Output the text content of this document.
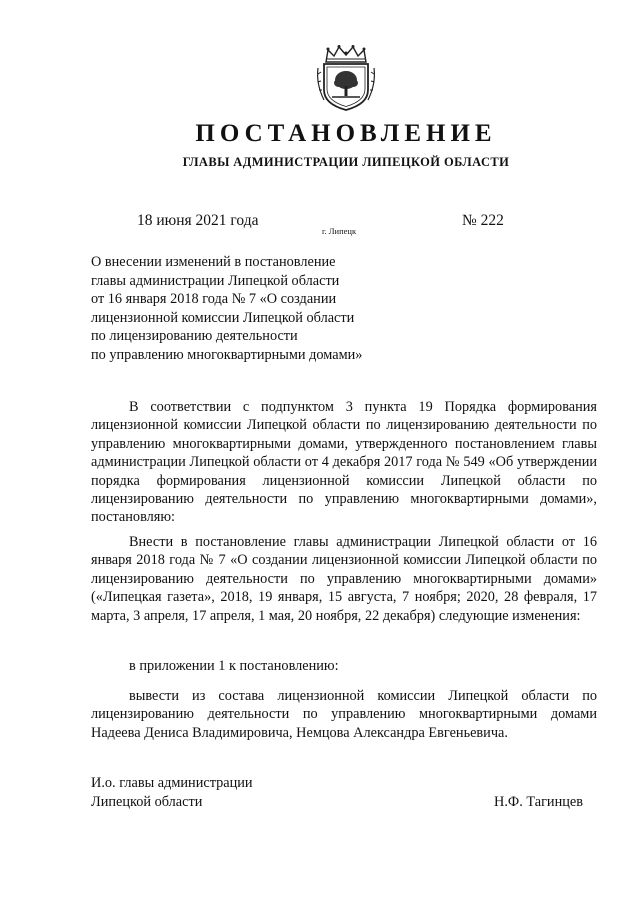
ПОСТАНОВЛЕНИЕ
ГЛАВЫ АДМИНИСТРАЦИИ ЛИПЕЦКОЙ ОБЛАСТИ
18 июня 2021 года
г. Липецк
№ 222
О внесении изменений в постановление
главы администрации Липецкой области
от 16 января 2018 года № 7 «О создании
лицензионной комиссии Липецкой области
по лицензированию деятельности
по управлению многоквартирными домами»
В соответствии с подпунктом 3 пункта 19 Порядка формирования лицензионной комиссии Липецкой области по лицензированию деятельности по управлению многоквартирными домами, утвержденного постановлением главы администрации Липецкой области от 4 декабря 2017 года № 549 «Об утверждении порядка формирования лицензионной комиссии Липецкой области по лицензированию деятельности по управлению многоквартирными домами», постановляю:
Внести в постановление главы администрации Липецкой области от 16 января 2018 года № 7 «О создании лицензионной комиссии Липецкой области по лицензированию деятельности по управлению многоквартирными домами» («Липецкая газета», 2018, 19 января, 15 августа, 7 ноября; 2020, 28 февраля, 17 марта, 3 апреля, 17 апреля, 1 мая, 20 ноября, 22 декабря) следующие изменения:
в приложении 1 к постановлению:
вывести из состава лицензионной комиссии Липецкой области по лицензированию деятельности по управлению многоквартирными домами Надеева Дениса Владимировича, Немцова Александра Евгеньевича.
И.о. главы администрации
Липецкой области	Н.Ф. Тагинцев
